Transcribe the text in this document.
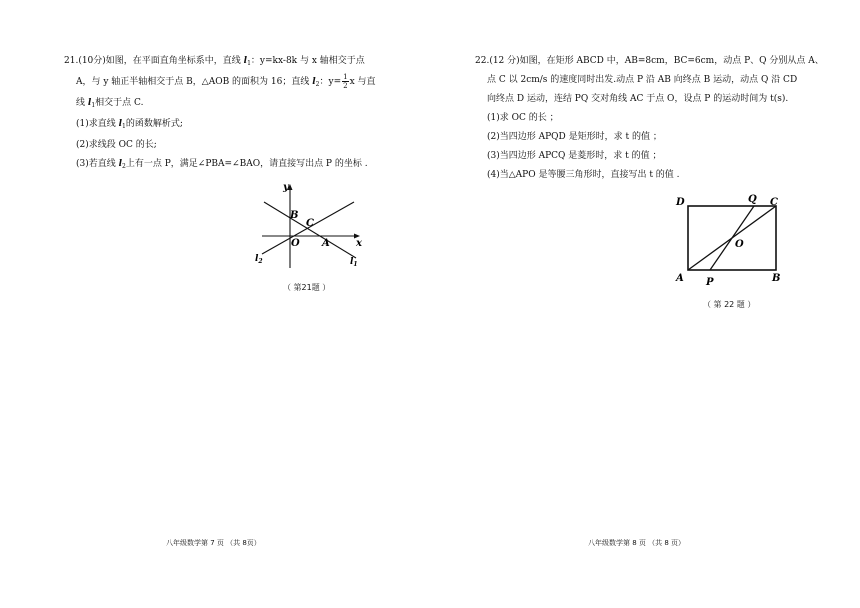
21.(10分)如图，在平面直角坐标系中，直线 $l_1$：y=kx-8k 与 x 轴相交于点

A，与 y 轴正半轴相交于点 B，△AOB 的面积为 16；直线 $l_2$：$y= \frac{1}{2}$ x 与直

线 $l_1$相交于点 C.

(1)求直线 $l_1$的函数解析式;

(2)求线段 OC 的长;

(3)若直线 $l_2$上有一点 P，满足∠PBA=∠BAO，请直接写出点 P 的坐标 .

y
x
B
C
O A
$l_2$	$l_1$
（ 第21题 ）

22.(12 分)如图，在矩形 ABCD 中，AB=8cm，BC=6cm，动点 P、Q 分别从点 A、

点 C 以 2cm/s 的速度同时出发.动点 P 沿 AB 向终点 B 运动，动点 Q 沿 CD

向终点 D 运动，连结 PQ 交对角线 AC 于点 O，设点 P 的运动时间为 t(s).

(1)求 OC 的长 ；

(2)当四边形 APQD 是矩形时，求 t 的值 ；

(3)当四边形 APCQ 是菱形时，求 t 的值 ；

(4)当△APO 是等腰三角形时，直接写出 t 的值 .

D	Q C
O
A P	B
（ 第 22 题 ）
八年级数学第 7 页 （共 8页）	八年级数学第 8 页 （共 8 页）
